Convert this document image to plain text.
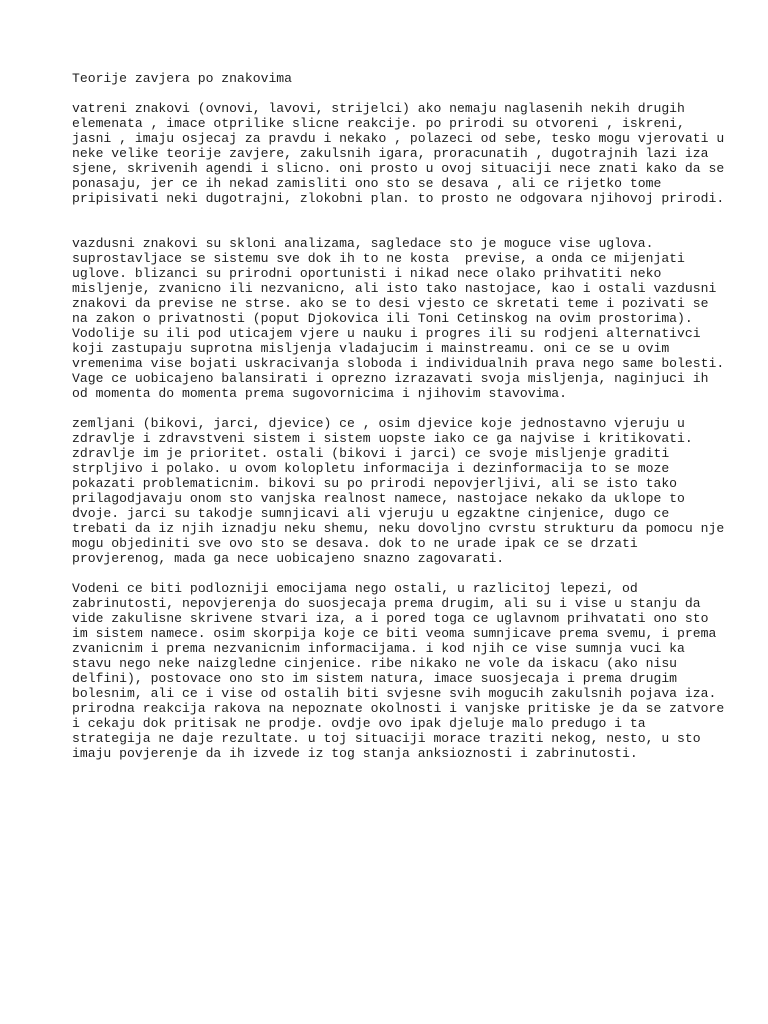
Teorije zavjera po znakovima
vatreni znakovi (ovnovi, lavovi, strijelci) ako nemaju naglasenih nekih drugih
elemenata , imace otprilike slicne reakcije. po prirodi su otvoreni , iskreni,
jasni , imaju osjecaj za pravdu i nekako , polazeci od sebe, tesko mogu vjerovati u
neke velike teorije zavjere, zakulsnih igara, proracunatih , dugotrajnih lazi iza
sjene, skrivenih agendi i slicno. oni prosto u ovoj situaciji nece znati kako da se
ponasaju, jer ce ih nekad zamisliti ono sto se desava , ali ce rijetko tome
pripisivati neki dugotrajni, zlokobni plan. to prosto ne odgovara njihovoj prirodi.
vazdusni znakovi su skloni analizama, sagledace sto je moguce vise uglova.
suprostavljace se sistemu sve dok ih to ne kosta  previse, a onda ce mijenjati
uglove. blizanci su prirodni oportunisti i nikad nece olako prihvatiti neko
misljenje, zvanicno ili nezvanicno, ali isto tako nastojace, kao i ostali vazdusni
znakovi da previse ne strse. ako se to desi vjesto ce skretati teme i pozivati se
na zakon o privatnosti (poput Djokovica ili Toni Cetinskog na ovim prostorima).
Vodolije su ili pod uticajem vjere u nauku i progres ili su rodjeni alternativci
koji zastupaju suprotna misljenja vladajucim i mainstreamu. oni ce se u ovim
vremenima vise bojati uskracivanja sloboda i individualnih prava nego same bolesti.
Vage ce uobicajeno balansirati i oprezno izrazavati svoja misljenja, naginjuci ih
od momenta do momenta prema sugovornicima i njihovim stavovima.
zemljani (bikovi, jarci, djevice) ce , osim djevice koje jednostavno vjeruju u
zdravlje i zdravstveni sistem i sistem uopste iako ce ga najvise i kritikovati.
zdravlje im je prioritet. ostali (bikovi i jarci) ce svoje misljenje graditi
strpljivo i polako. u ovom kolopletu informacija i dezinformacija to se moze
pokazati problematicnim. bikovi su po prirodi nepovjerljivi, ali se isto tako
prilagodjavaju onom sto vanjska realnost namece, nastojace nekako da uklope to
dvoje. jarci su takodje sumnjicavi ali vjeruju u egzaktne cinjenice, dugo ce
trebati da iz njih iznadju neku shemu, neku dovoljno cvrstu strukturu da pomocu nje
mogu objediniti sve ovo sto se desava. dok to ne urade ipak ce se drzati
provjerenog, mada ga nece uobicajeno snazno zagovarati.
Vodeni ce biti podlozniji emocijama nego ostali, u razlicitoj lepezi, od
zabrinutosti, nepovjerenja do suosjecaja prema drugim, ali su i vise u stanju da
vide zakulisne skrivene stvari iza, a i pored toga ce uglavnom prihvatati ono sto
im sistem namece. osim skorpija koje ce biti veoma sumnjicave prema svemu, i prema
zvanicnim i prema nezvanicnim informacijama. i kod njih ce vise sumnja vuci ka
stavu nego neke naizgledne cinjenice. ribe nikako ne vole da iskacu (ako nisu
delfini), postovace ono sto im sistem natura, imace suosjecaja i prema drugim
bolesnim, ali ce i vise od ostalih biti svjesne svih mogucih zakulsnih pojava iza.
prirodna reakcija rakova na nepoznate okolnosti i vanjske pritiske je da se zatvore
i cekaju dok pritisak ne prodje. ovdje ovo ipak djeluje malo predugo i ta
strategija ne daje rezultate. u toj situaciji morace traziti nekog, nesto, u sto
imaju povjerenje da ih izvede iz tog stanja anksioznosti i zabrinutosti.
